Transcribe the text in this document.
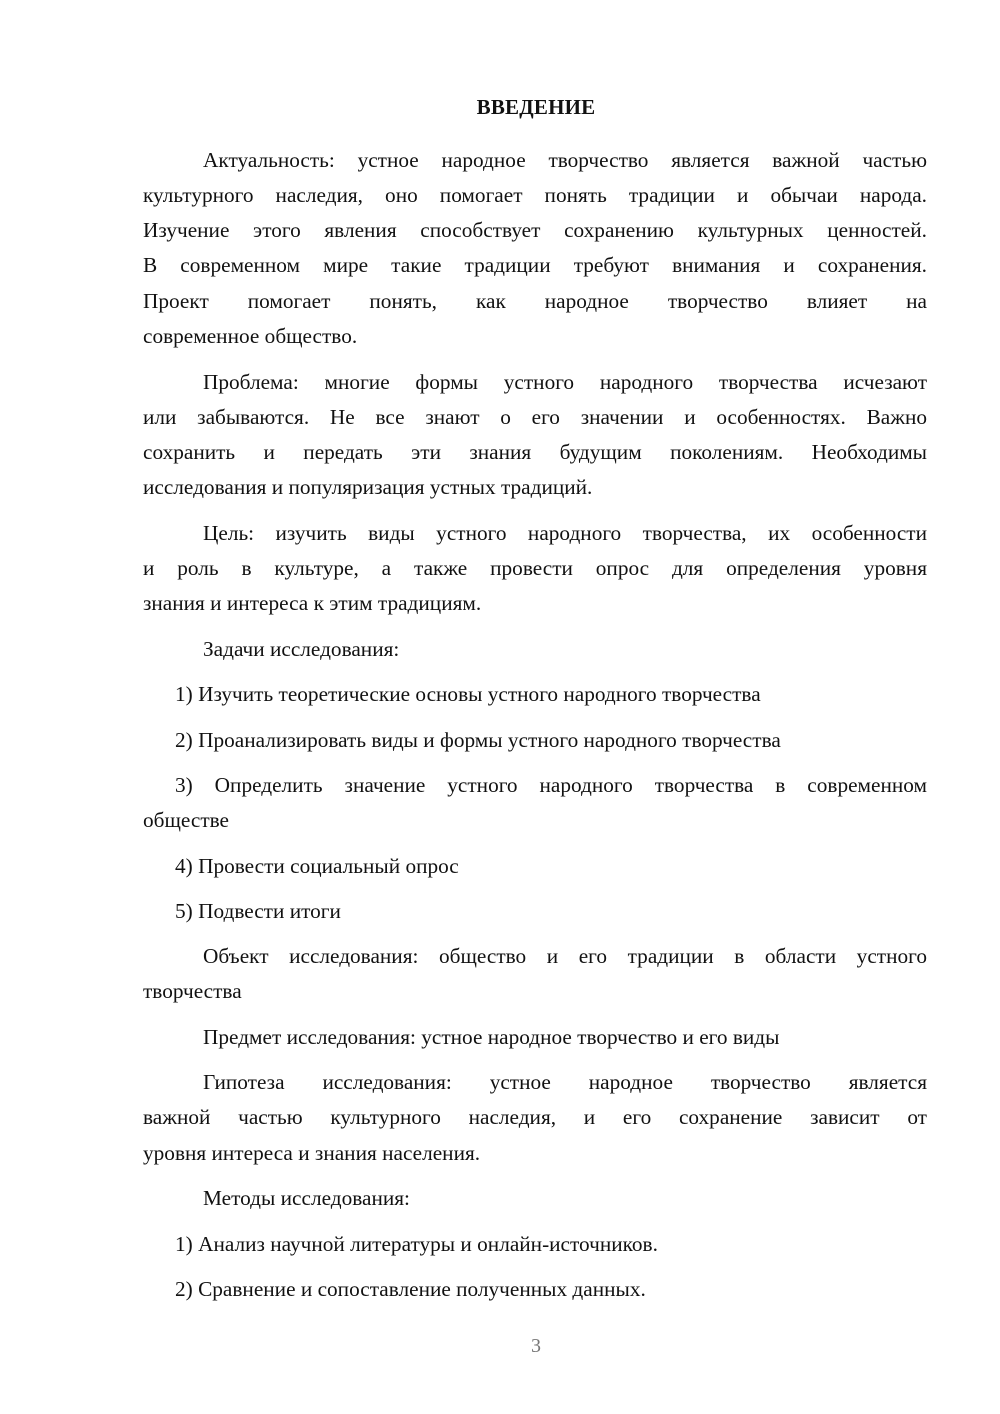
ВВЕДЕНИЕ
Актуальность: устное народное творчество является важной частью
культурного наследия, оно помогает понять традиции и обычаи народа.
Изучение этого явления способствует сохранению культурных ценностей.
В современном мире такие традиции требуют внимания и сохранения.
Проект помогает понять, как народное творчество влияет на
современное общество.
Проблема: многие формы устного народного творчества исчезают
или забываются. Не все знают о его значении и особенностях. Важно
сохранить и передать эти знания будущим поколениям. Необходимы
исследования и популяризация устных традиций.
Цель: изучить виды устного народного творчества, их особенности
и роль в культуре, а также провести опрос для определения уровня
знания и интереса к этим традициям.
Задачи исследования:
1) Изучить теоретические основы устного народного творчества
2) Проанализировать виды и формы устного народного творчества
3) Определить значение устного народного творчества в современном
обществе
4) Провести социальный опрос
5) Подвести итоги
Объект исследования: общество и его традиции в области устного
творчества
Предмет исследования: устное народное творчество и его виды
Гипотеза исследования: устное народное творчество является
важной частью культурного наследия, и его сохранение зависит от
уровня интереса и знания населения.
Методы исследования:
1) Анализ научной литературы и онлайн-источников.
2) Сравнение и сопоставление полученных данных.
3
